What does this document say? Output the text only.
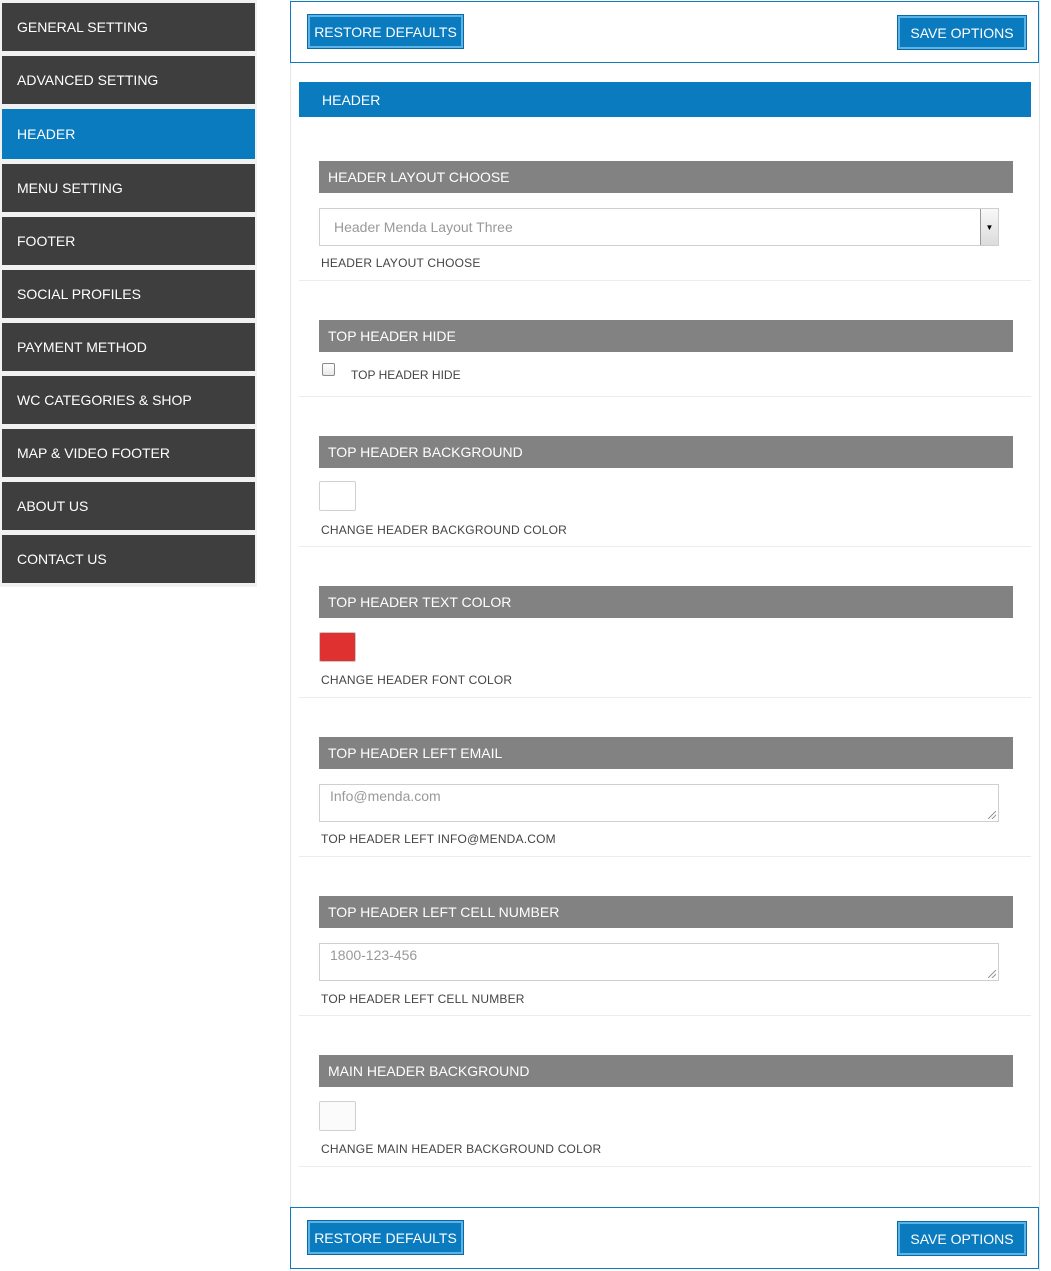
GENERAL SETTING
ADVANCED SETTING
HEADER
MENU SETTING
FOOTER
SOCIAL PROFILES
PAYMENT METHOD
WC CATEGORIES & SHOP
MAP & VIDEO FOOTER
ABOUT US
CONTACT US
RESTORE DEFAULTS	SAVE OPTIONS
HEADER
HEADER LAYOUT CHOOSE
Header Menda Layout Three	▼
HEADER LAYOUT CHOOSE
TOP HEADER HIDE
TOP HEADER HIDE
TOP HEADER BACKGROUND
CHANGE HEADER BACKGROUND COLOR
TOP HEADER TEXT COLOR
CHANGE HEADER FONT COLOR
TOP HEADER LEFT EMAIL
Info@menda.com
TOP HEADER LEFT INFO@MENDA.COM
TOP HEADER LEFT CELL NUMBER
1800-123-456
TOP HEADER LEFT CELL NUMBER
MAIN HEADER BACKGROUND
CHANGE MAIN HEADER BACKGROUND COLOR
RESTORE DEFAULTS	SAVE OPTIONS
